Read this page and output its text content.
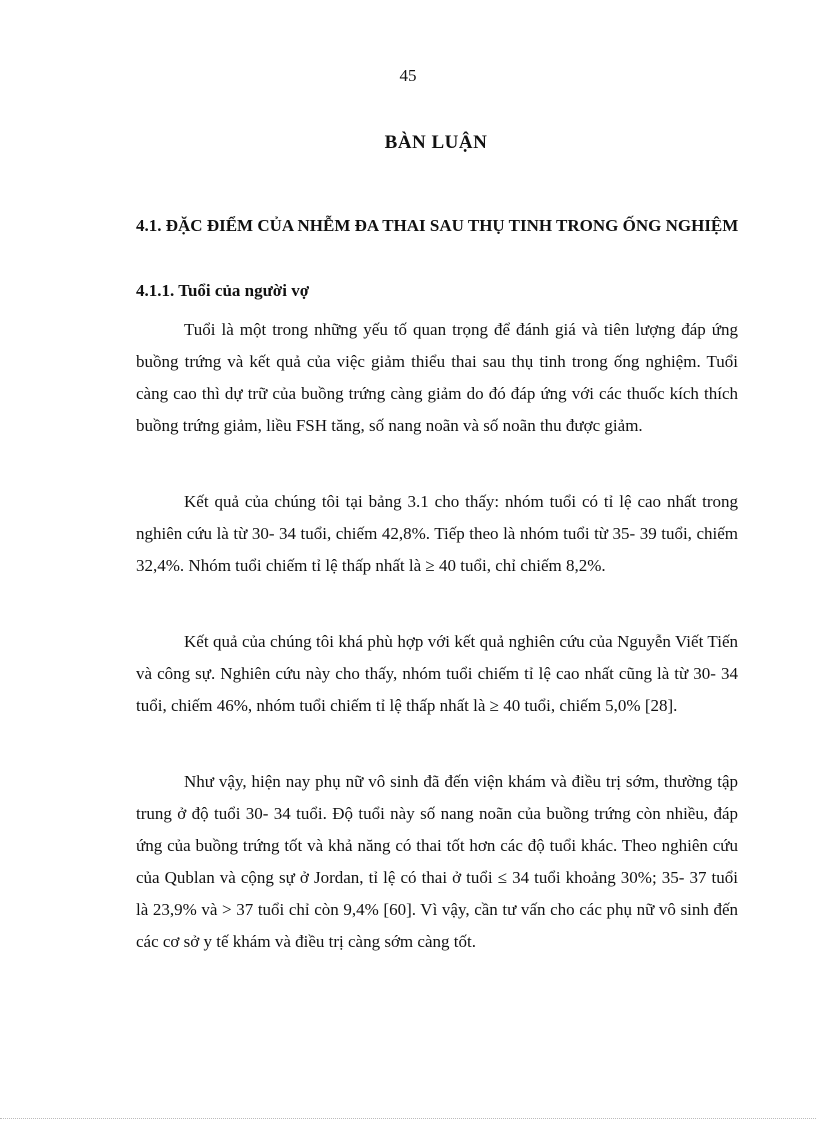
45
BÀN LUẬN
4.1. ĐẶC ĐIỂM CỦA NHỄM ĐA THAI SAU THỤ TINH TRONG ỐNG NGHIỆM
4.1.1. Tuổi của người vợ

Tuổi là một trong những yếu tố quan trọng để đánh giá và tiên lượng đáp ứng buồng trứng và kết quả của việc giảm thiểu thai sau thụ tinh trong ống nghiệm. Tuổi càng cao thì dự trữ của buồng trứng càng giảm do đó đáp ứng với các thuốc kích thích buồng trứng giảm, liều FSH tăng, số nang noãn và số noãn thu được giảm.

Kết quả của chúng tôi tại bảng 3.1 cho thấy: nhóm tuổi có tỉ lệ cao nhất trong nghiên cứu là từ 30- 34 tuổi, chiếm 42,8%. Tiếp theo là nhóm tuổi từ 35- 39 tuổi, chiếm 32,4%. Nhóm tuổi chiếm tỉ lệ thấp nhất là ≥ 40 tuổi, chỉ chiếm 8,2%.

Kết quả của chúng tôi khá phù hợp với kết quả nghiên cứu của Nguyễn Viết Tiến và công sự. Nghiên cứu này cho thấy, nhóm tuổi chiếm tỉ lệ cao nhất cũng là từ 30- 34 tuổi, chiếm 46%, nhóm tuổi chiếm tỉ lệ thấp nhất là ≥ 40 tuổi, chiếm 5,0% [28].

Như vậy, hiện nay phụ nữ vô sinh đã đến viện khám và điều trị sớm, thường tập trung ở độ tuổi 30- 34 tuổi. Độ tuổi này số nang noãn của buồng trứng còn nhiều, đáp ứng của buồng trứng tốt và khả năng có thai tốt hơn các độ tuổi khác. Theo nghiên cứu của Qublan và cộng sự ở Jordan, tỉ lệ có thai ở tuổi ≤ 34 tuổi khoảng 30%; 35- 37 tuổi là 23,9% và > 37 tuổi chỉ còn 9,4% [60]. Vì vậy, cần tư vấn cho các phụ nữ vô sinh đến các cơ sở y tế khám và điều trị càng sớm càng tốt.
